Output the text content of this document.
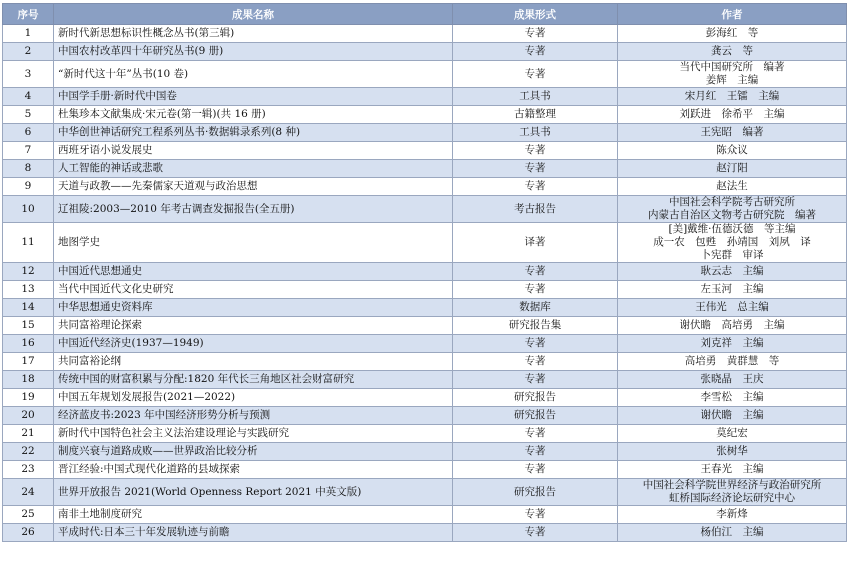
序号	成果名称	成果形式	作者
1	新时代新思想标识性概念丛书(第三辑)	专著	彭海红　等

2	中国农村改革四十年研究丛书(9 册)	专著	龚云　等

3	“新时代这十年”丛书(10 卷)	专著	当代中国研究所　编著
姜辉　主编

4	中国学手册·新时代中国卷	工具书	宋月红　王镭　主编

5	杜集珍本文献集成·宋元卷(第一辑)(共 16 册)	古籍整理	刘跃进　徐希平　主编

6	中华创世神话研究工程系列丛书·数据辑录系列(8 种)	工具书	王宪昭　编著

7	西班牙语小说发展史	专著	陈众议

8	人工智能的神话或悲歌	专著	赵汀阳

9	天道与政教——先秦儒家天道观与政治思想	专著	赵法生

10	辽祖陵:2003—2010 年考古调查发掘报告(全五册)	考古报告	中国社会科学院考古研究所
内蒙古自治区文物考古研究院　编著

11	地图学史	译著	[美]戴维·伍德沃德　等主编
成一农　包甦　孙靖国　刘夙　译
卜宪群　审译

12	中国近代思想通史	专著	耿云志　主编

13	当代中国近代文化史研究	专著	左玉河　主编

14	中华思想通史资料库	数据库	王伟光　总主编

15	共同富裕理论探索	研究报告集	谢伏瞻　高培勇　主编

16	中国近代经济史(1937—1949)	专著	刘克祥　主编

17	共同富裕论纲	专著	高培勇　黄群慧　等

18	传统中国的财富积累与分配:1820 年代长三角地区社会财富研究	专著	张晓晶　王庆

19	中国五年规划发展报告(2021—2022)	研究报告	李雪松　主编

20	经济蓝皮书:2023 年中国经济形势分析与预测	研究报告	谢伏瞻　主编

21	新时代中国特色社会主义法治建设理论与实践研究	专著	莫纪宏

22	制度兴衰与道路成败——世界政治比较分析	专著	张树华

23	晋江经验:中国式现代化道路的县域探索	专著	王春光　主编

24	世界开放报告 2021(World Openness Report 2021 中英文版)	研究报告	中国社会科学院世界经济与政治研究所
虹桥国际经济论坛研究中心

25	南非土地制度研究	专著	李新烽

26	平成时代:日本三十年发展轨迹与前瞻	专著	杨伯江　主编
